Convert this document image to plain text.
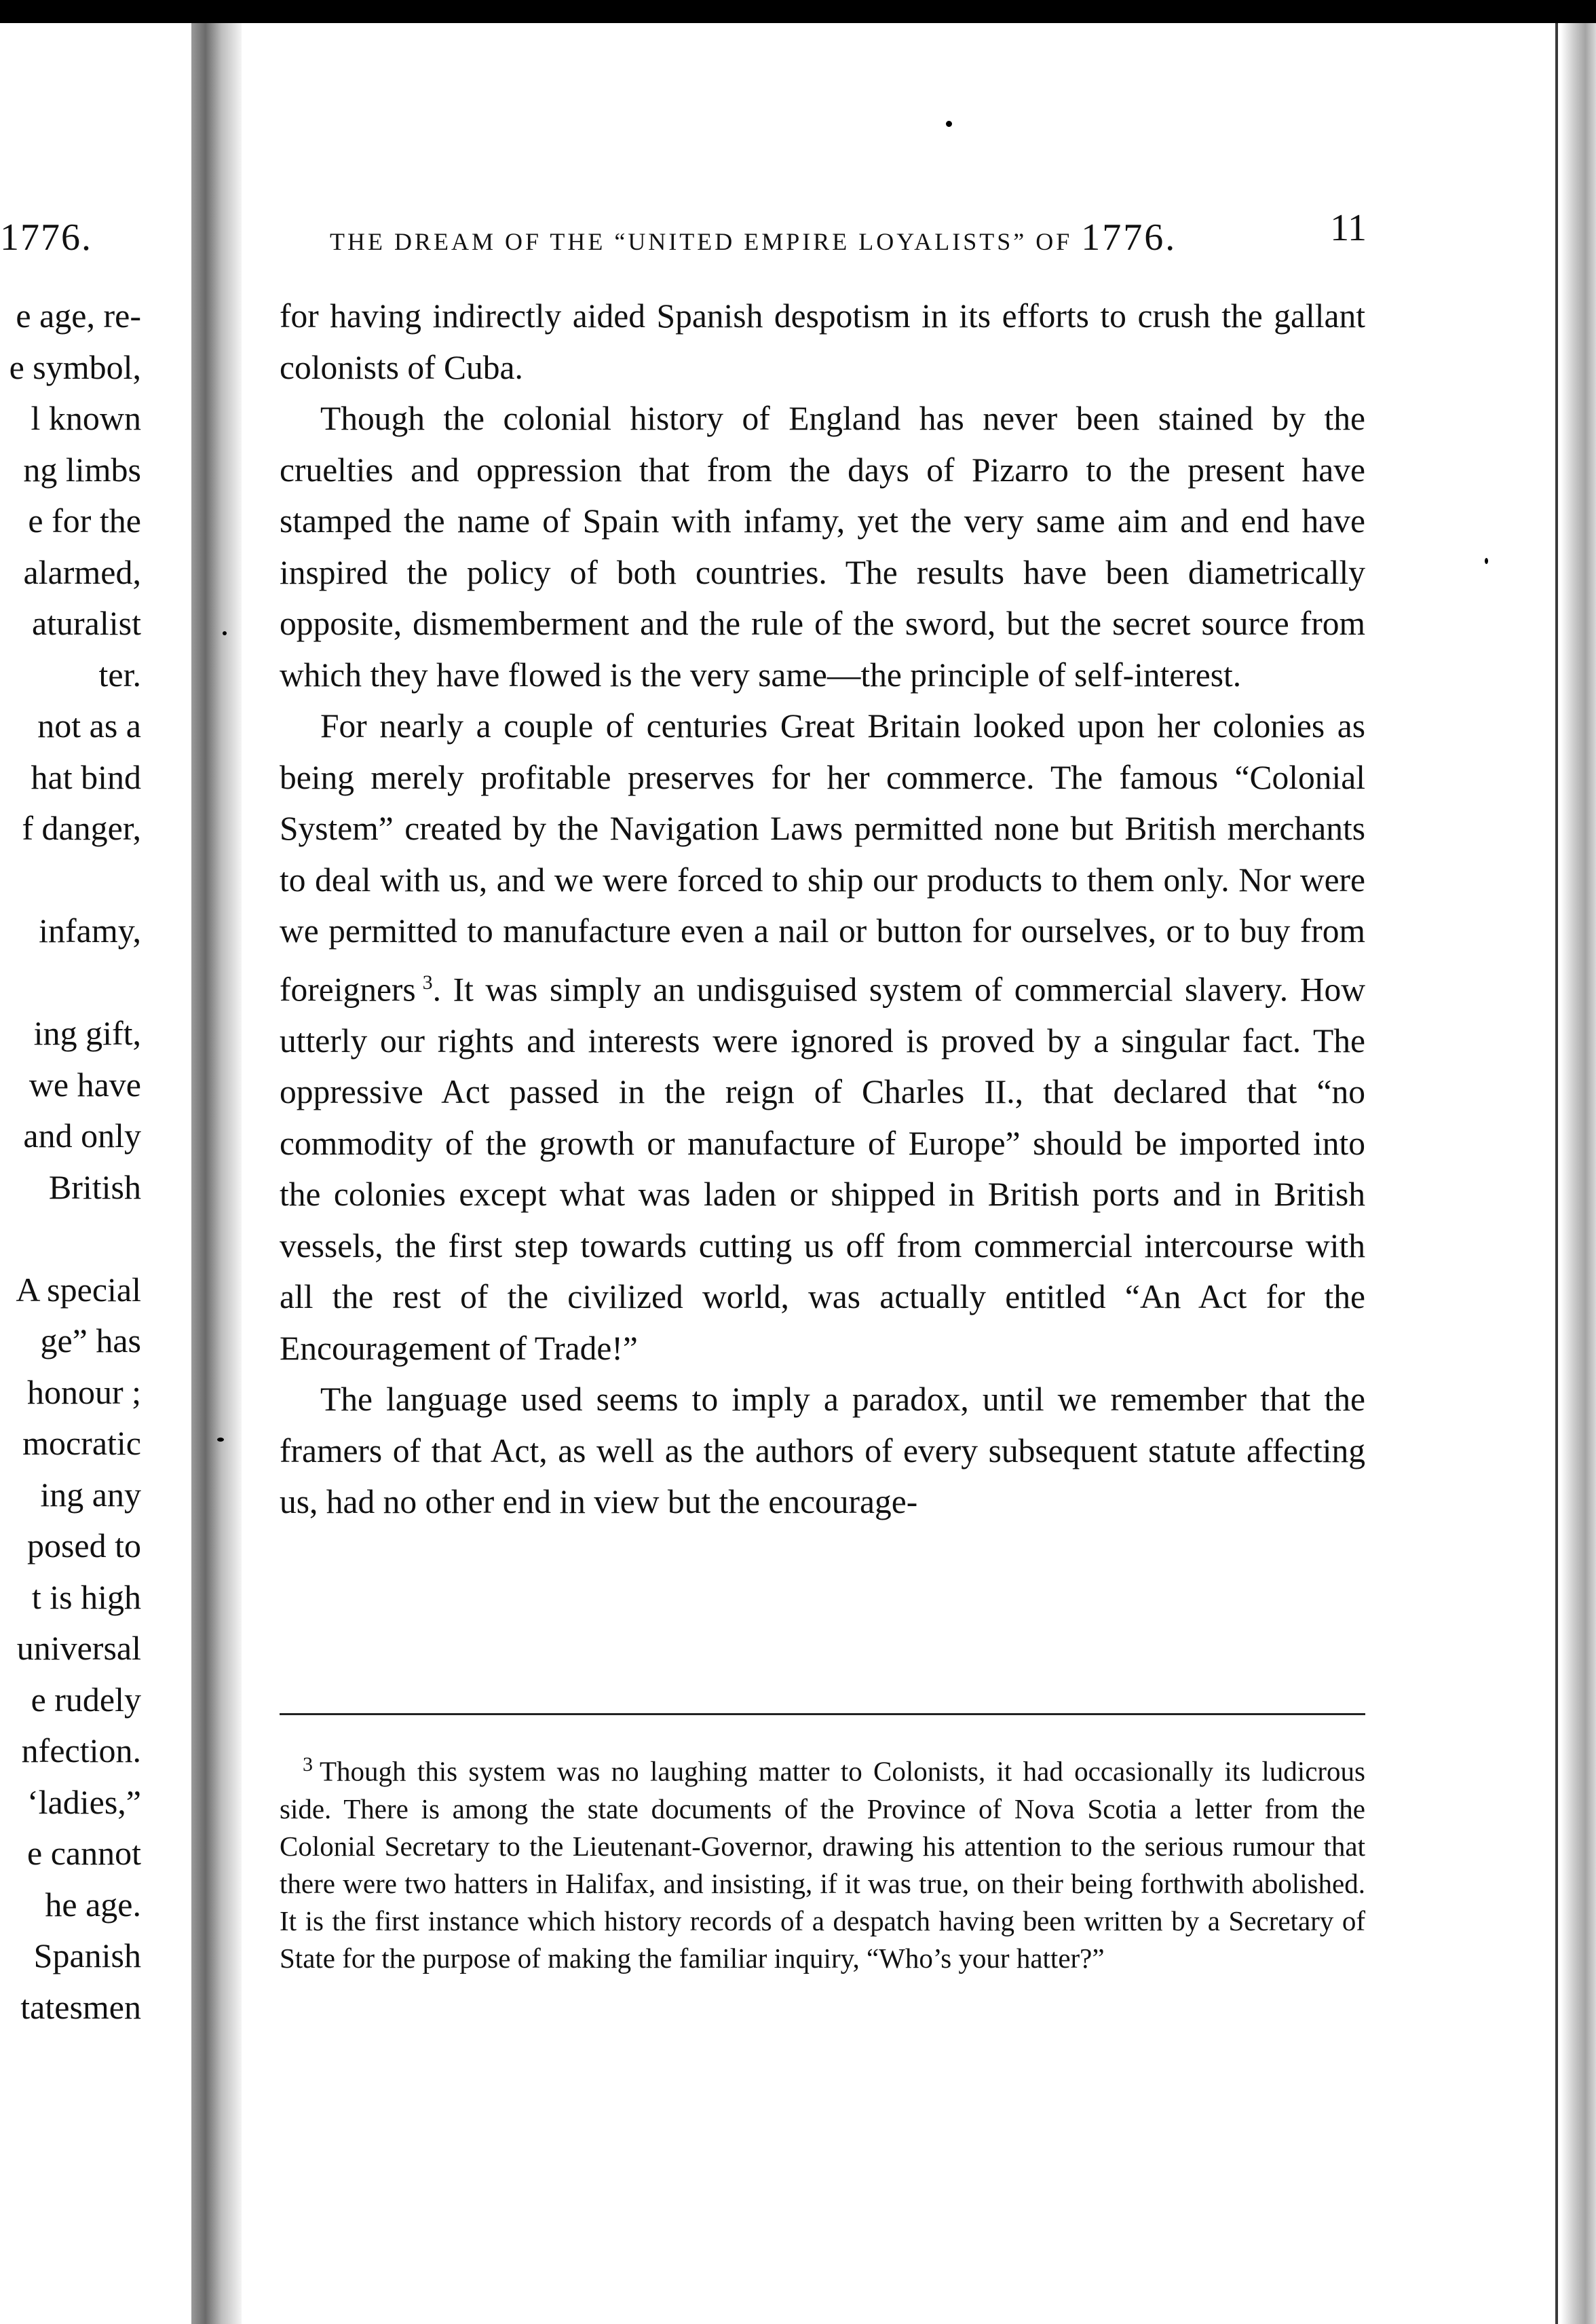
1776.
e age, re-
e symbol,
l known
ng limbs
e for the
alarmed,
aturalist
ter.
not as a
hat bind
f danger,
infamy,
ing gift,
we have
and only
British
A special
ge” has
honour ;
mocratic
ing any
posed to
t is high
universal
e rudely
nfection.
‘ladies,”
e cannot
he age.
Spanish
tatesmen
THE DREAM OF THE “UNITED EMPIRE LOYALISTS” OF 1776.	11

for having indirectly aided Spanish despotism in its efforts to crush the gallant colonists of Cuba.

Though the colonial history of England has never been stained by the cruelties and oppression that from the days of Pizarro to the present have stamped the name of Spain with infamy, yet the very same aim and end have inspired the policy of both countries. The results have been diametrically opposite, dismemberment and the rule of the sword, but the secret source from which they have flowed is the very same—the principle of self-interest.

For nearly a couple of centuries Great Britain looked upon her colonies as being merely profitable preserves for her commerce. The famous “Colonial System” created by the Navigation Laws permitted none but British merchants to deal with us, and we were forced to ship our products to them only. Nor were we permitted to manufacture even a nail or button for ourselves, or to buy from foreigners  $^3$. It was simply an undisguised system of commercial slavery. How utterly our rights and interests were ignored is proved by a singular fact. The oppressive Act passed in the reign of Charles II., that declared that “no commodity of the growth or manufacture of Europe” should be imported into the colonies except what was laden or shipped in British ports and in British vessels, the first step towards cutting us off from commercial intercourse with all the rest of the civilized world, was actually entitled “An Act for the Encouragement of Trade!”

The language used seems to imply a paradox, until we remember that the framers of that Act, as well as the authors of every subsequent statute affecting us, had no other end in view but the encourage-

$^3$ Though this system was no laughing matter to Colonists, it had occasionally its ludicrous side. There is among the state documents of the Province of Nova Scotia a letter from the Colonial Secretary to the Lieutenant-Governor, drawing his attention to the serious rumour that there were two hatters in Halifax, and insisting, if it was true, on their being forthwith abolished. It is the first instance which history records of a despatch having been written by a Secretary of State for the purpose of making the familiar inquiry, “Who’s your hatter?”
